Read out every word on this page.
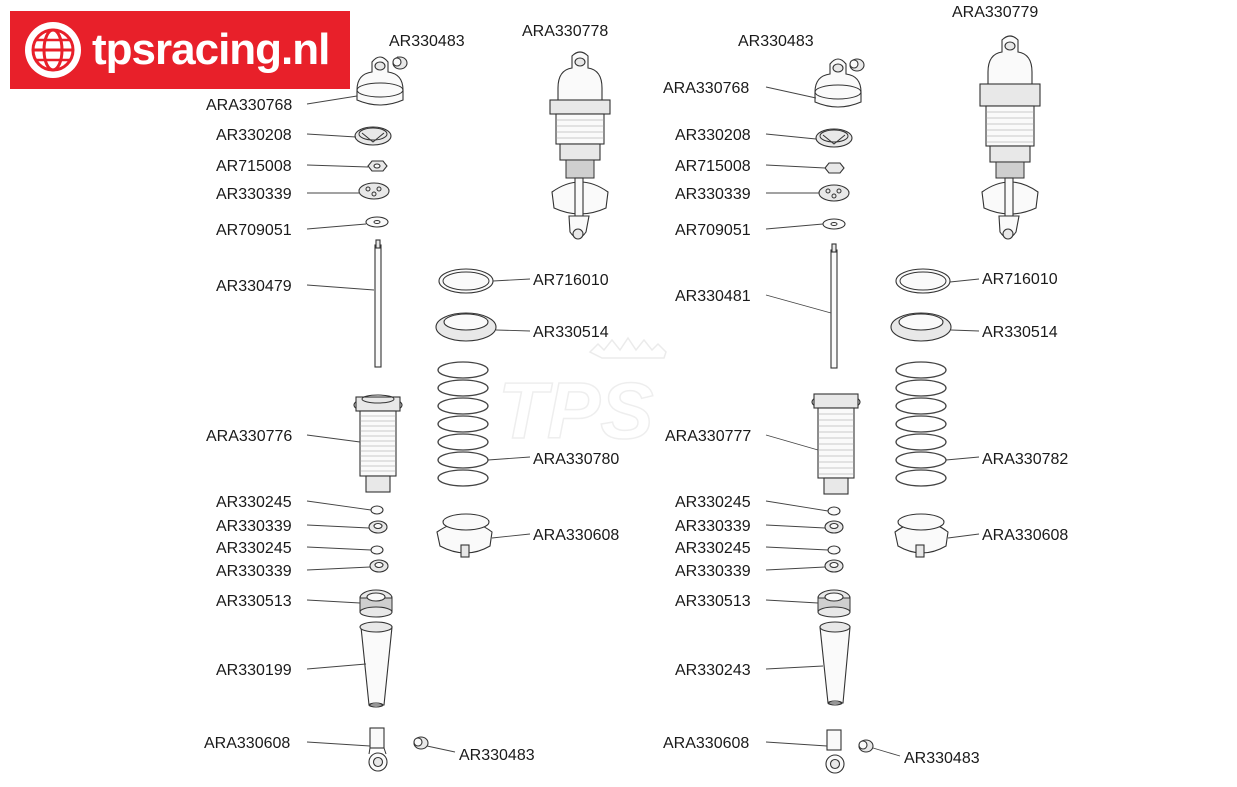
tpsracing.nl
TPS
AR330483
ARA330768
AR330208
AR715008
AR330339
AR709051
AR330479
ARA330776
AR330245
AR330339
AR330245
AR330339
AR330513
AR330199
ARA330608
AR330483
ARA330778
AR716010
AR330514
ARA330780
ARA330608
AR330483
ARA330768
AR330208
AR715008
AR330339
AR709051
AR330481
ARA330777
AR330245
AR330339
AR330245
AR330339
AR330513
AR330243
ARA330608
AR330483
ARA330779
AR716010
AR330514
ARA330782
ARA330608
